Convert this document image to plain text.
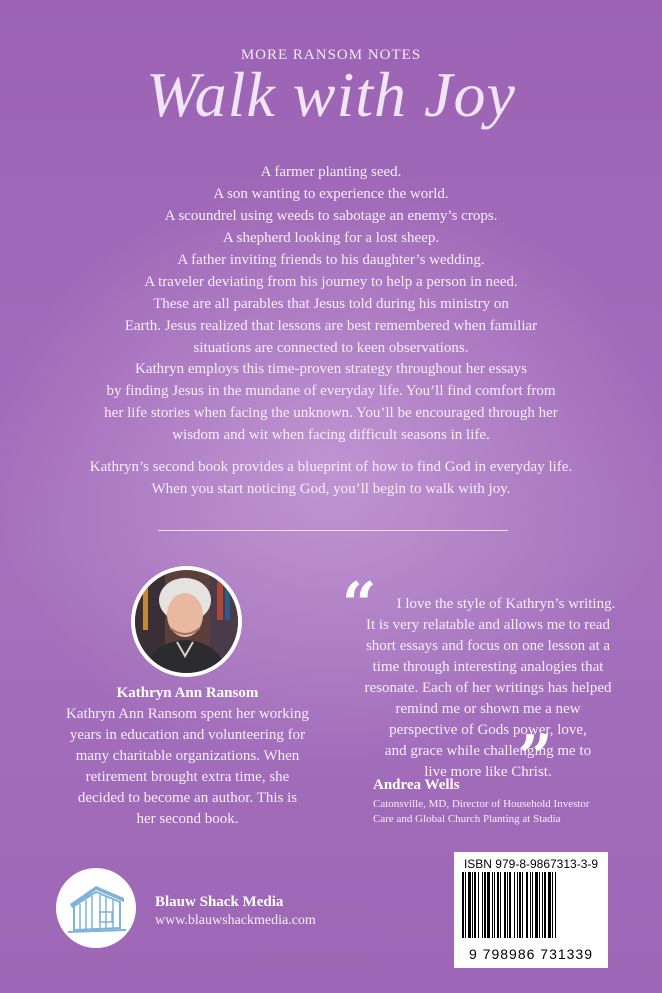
MORE RANSOM NOTES
Walk with Joy
A farmer planting seed.
A son wanting to experience the world.
A scoundrel using weeds to sabotage an enemy’s crops.
A shepherd looking for a lost sheep.
A father inviting friends to his daughter’s wedding.
A traveler deviating from his journey to help a person in need.
These are all parables that Jesus told during his ministry on
Earth. Jesus realized that lessons are best remembered when familiar
situations are connected to keen observations.
Kathryn employs this time-proven strategy throughout her essays
by finding Jesus in the mundane of everyday life. You’ll find comfort from
her life stories when facing the unknown. You’ll be encouraged through her
wisdom and wit when facing difficult seasons in life.
Kathryn’s second book provides a blueprint of how to find God in everyday life.
When you start noticing God, you’ll begin to walk with joy.
Kathryn Ann Ransom
Kathryn Ann Ransom spent her working
years in education and volunteering for
many charitable organizations. When
retirement brought extra time, she
decided to become an author. This is
her second book.
“	I love the style of Kathryn’s writing.
It is very relatable and allows me to read
short essays and focus on one lesson at a
time through interesting analogies that
resonate. Each of her writings has helped
remind me or shown me a new
perspective of Gods power, love,
and grace while challenging me to
live more like Christ.
”
Andrea Wells
Catonsville, MD, Director of Household Investor
Care and Global Church Planting at Stadia
Blauw Shack Media
www.blauwshackmedia.com
ISBN 979-8-9867313-3-9
9 798986 731339
